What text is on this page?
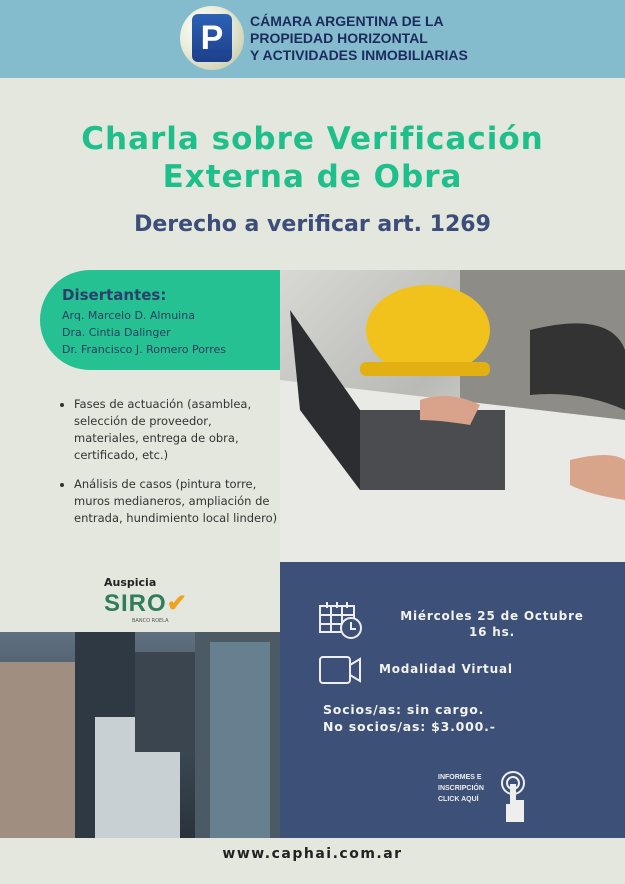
P	CÁMARA ARGENTINA DE LA
PROPIEDAD HORIZONTAL
Y ACTIVIDADES INMOBILIARIAS
Charla sobre Verificación
Externa de Obra
Derecho a verificar art. 1269
Disertantes:
Arq. Marcelo D. Almuina
Dra. Cintia Dalinger
Dr. Francisco J. Romero Porres
• Fases de actuación (asamblea, selección de proveedor, materiales, entrega de obra, certificado, etc.)
• Análisis de casos (pintura torre, muros medianeros, ampliación de entrada, hundimiento local lindero)
Auspicia
SIRO✔
BANCO ROELA	Miércoles 25 de Octubre
16 hs.
Modalidad Virtual
Socios/as: sin cargo.
No socios/as: $3.000.-
INFORMES E
INSCRIPCIÓN
CLICK AQUÍ
www.caphai.com.ar
